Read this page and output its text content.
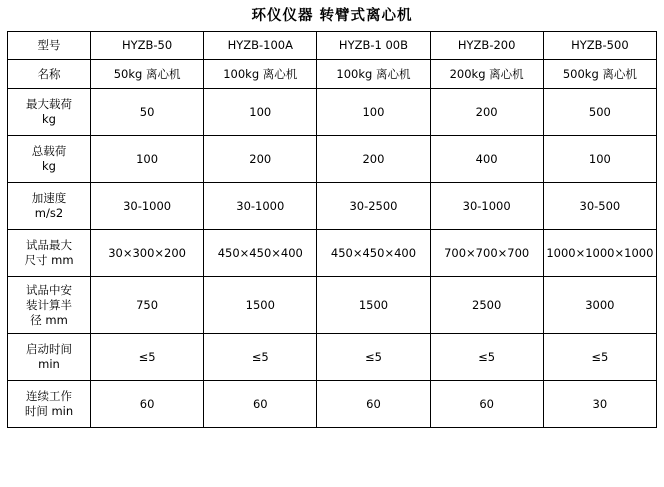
环仪仪器 转臂式离心机
型号	HYZB-50	HYZB-100A	HYZB-1 00B	HYZB-200	HYZB-500

名称	50kg 离心机	100kg 离心机	100kg 离心机	200kg 离心机	500kg 离心机

最大载荷
kg	50	100	100	200	500

总载荷
kg	100	200	200	400	100

加速度
m/s2	30-1000	30-1000	30-2500	30-1000	30-500

试品最大
尺寸 mm	30×300×200	450×450×400	450×450×400	700×700×700	1000×1000×1000

试品中安
装计算半
径 mm	750	1500	1500	2500	3000

启动时间
min	≤5	≤5	≤5	≤5	≤5

连续工作
时间 min	60	60	60	60	30
